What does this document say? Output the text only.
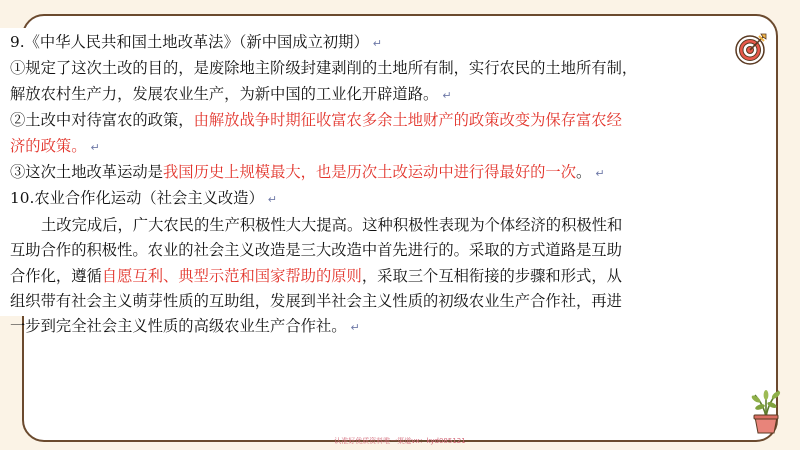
9.《中华人民共和国土地改革法》（新中国成立初期） ↵
①规定了这次土改的目的，是废除地主阶级封建剥削的土地所有制，实行农民的土地所有制，
解放农村生产力，发展农业生产，为新中国的工业化开辟道路。 ↵
②土改中对待富农的政策，由解放战争时期征收富农多余土地财产的政策改变为保存富农经
济的政策。 ↵
③这次土地改革运动是我国历史上规模最大，也是历次土改运动中进行得最好的一次。 ↵
10.农业合作化运动（社会主义改造） ↵
土改完成后，广大农民的生产积极性大大提高。这种积极性表现为个体经济的积极性和
互助合作的积极性。农业的社会主义改造是三大改造中首先进行的。采取的方式道路是互助
合作化，遵循自愿互利、典型示范和国家帮助的原则，采取三个互相衔接的步骤和形式，从
组织带有社会主义萌芽性质的互助组，发展到半社会主义性质的初级农业生产合作社，再进
一步到完全社会主义性质的高级农业生产合作社。 ↵
认准好优质资料唯一渠道vx：kyd085121
